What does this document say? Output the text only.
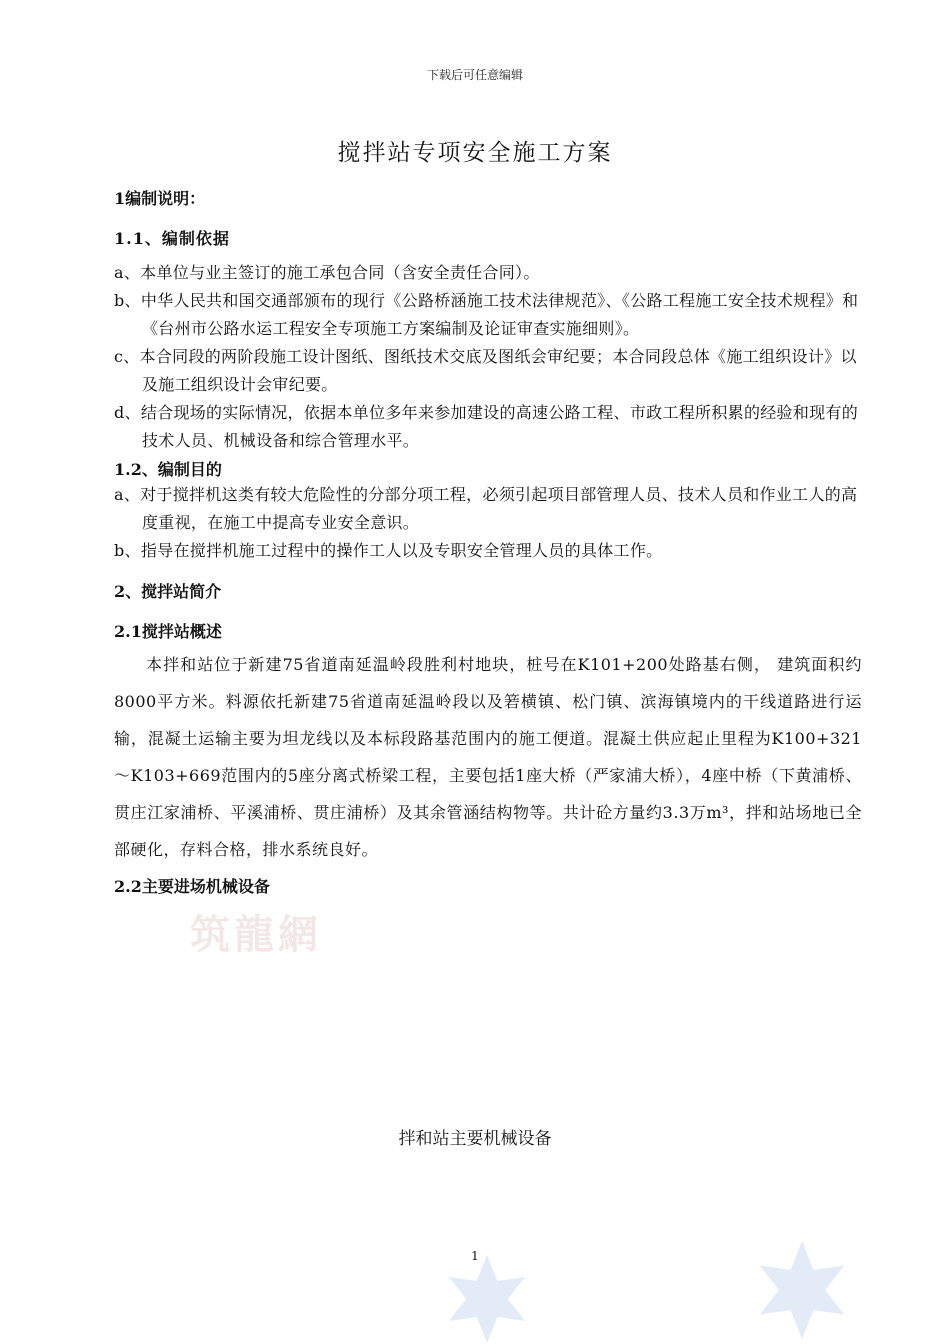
下载后可任意编辑
搅拌站专项安全施工方案
筑龍網

1编制说明：

1.1、编制依据

a、本单位与业主签订的施工承包合同（含安全责任合同）。

b、中华人民共和国交通部颁布的现行《公路桥涵施工技术法律规范》、《公路工程施工安全技术规程》和《台州市公路水运工程安全专项施工方案编制及论证审查实施细则》。

c、本合同段的两阶段施工设计图纸、图纸技术交底及图纸会审纪要；本合同段总体《施工组织设计》以及施工组织设计会审纪要。

d、结合现场的实际情况，依据本单位多年来参加建设的高速公路工程、市政工程所积累的经验和现有的技术人员、机械设备和综合管理水平。

1.2、编制目的

a、对于搅拌机这类有较大危险性的分部分项工程，必须引起项目部管理人员、技术人员和作业工人的高度重视，在施工中提高专业安全意识。

b、指导在搅拌机施工过程中的操作工人以及专职安全管理人员的具体工作。

2、搅拌站简介

2.1搅拌站概述

本拌和站位于新建75省道南延温岭段胜利村地块，桩号在K101+200处路基右侧， 建筑面积约8000平方米。料源依托新建75省道南延温岭段以及箬横镇、松门镇、滨海镇境内的干线道路进行运输，混凝土运输主要为坦龙线以及本标段路基范围内的施工便道。混凝土供应起止里程为K100+321～K103+669范围内的5座分离式桥梁工程，主要包括1座大桥（严家浦大桥），4座中桥（下黄浦桥、贯庄江家浦桥、平溪浦桥、贯庄浦桥）及其余管涵结构物等。共计砼方量约3.3万m³，拌和站场地已全部硬化，存料合格，排水系统良好。

2.2主要进场机械设备

拌和站主要机械设备
1
